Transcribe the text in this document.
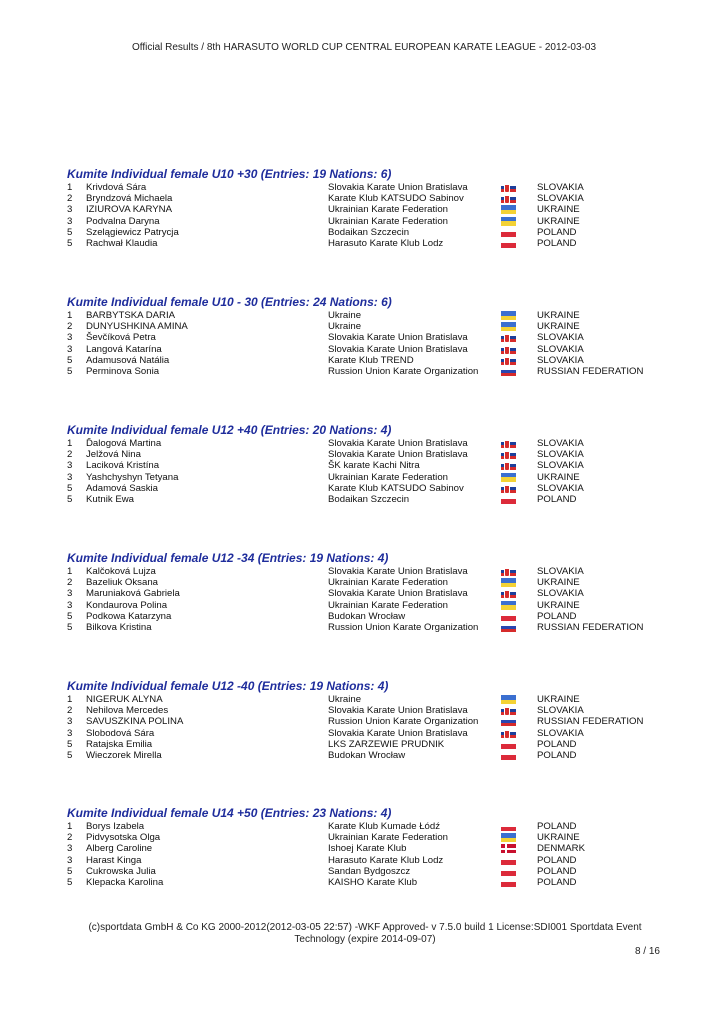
Official Results / 8th HARASUTO WORLD CUP CENTRAL EUROPEAN KARATE LEAGUE - 2012-03-03
Kumite Individual female U10 +30 (Entries: 19 Nations: 6)
1 Krivdová Sára	Slovakia Karate Union Bratislava	SLOVAKIA
2 Bryndzová Michaela	Karate Klub KATSUDO Sabinov	SLOVAKIA
3 IZIUROVA KARYNA	Ukrainian Karate Federation	UKRAINE
3 Podvalna Daryna	Ukrainian Karate Federation	UKRAINE
5 Szelągiewicz Patrycja	Bodaikan Szczecin	POLAND
5 Rachwał Klaudia	Harasuto Karate Klub Lodz	POLAND
Kumite Individual female U10 - 30 (Entries: 24 Nations: 6)
1 BARBYTSKA DARIA	Ukraine	UKRAINE
2 DUNYUSHKINA AMINA	Ukraine	UKRAINE
3 Ševčíková Petra	Slovakia Karate Union Bratislava	SLOVAKIA
3 Langová Katarína	Slovakia Karate Union Bratislava	SLOVAKIA
5 Adamusová Natália	Karate Klub TREND	SLOVAKIA
5 Perminova Sonia	Russion Union Karate Organization	RUSSIAN FEDERATION
Kumite Individual female U12 +40 (Entries: 20 Nations: 4)
1 Ďalogová Martina	Slovakia Karate Union Bratislava	SLOVAKIA
2 Jelžová Nina	Slovakia Karate Union Bratislava	SLOVAKIA
3 Laciková Kristína	ŠK karate Kachi Nitra	SLOVAKIA
3 Yashchyshyn Tetyana	Ukrainian Karate Federation	UKRAINE
5 Adamová Saskia	Karate Klub KATSUDO Sabinov	SLOVAKIA
5 Kutnik Ewa	Bodaikan Szczecin	POLAND
Kumite Individual female U12 -34 (Entries: 19 Nations: 4)
1 Kalčoková Lujza	Slovakia Karate Union Bratislava	SLOVAKIA
2 Bazeliuk Oksana	Ukrainian Karate Federation	UKRAINE
3 Maruniaková Gabriela	Slovakia Karate Union Bratislava	SLOVAKIA
3 Kondaurova Polina	Ukrainian Karate Federation	UKRAINE
5 Podkowa Katarzyna	Budokan Wrocław	POLAND
5 Bilkova Kristina	Russion Union Karate Organization	RUSSIAN FEDERATION
Kumite Individual female U12 -40 (Entries: 19 Nations: 4)
1 NIGERUK ALYNA	Ukraine	UKRAINE
2 Nehilova Mercedes	Slovakia Karate Union Bratislava	SLOVAKIA
3 SAVUSZKINA POLINA	Russion Union Karate Organization	RUSSIAN FEDERATION
3 Slobodová Sára	Slovakia Karate Union Bratislava	SLOVAKIA
5 Ratajska Emilia	LKS ZARZEWIE PRUDNIK	POLAND
5 Wieczorek Mirella	Budokan Wrocław	POLAND
Kumite Individual female U14 +50 (Entries: 23 Nations: 4)
1 Borys Izabela	Karate Klub Kumade Łódź	POLAND
2 Pidvysotska Olga	Ukrainian Karate Federation	UKRAINE
3 Alberg Caroline	Ishoej Karate Klub	DENMARK
3 Harast Kinga	Harasuto Karate Klub Lodz	POLAND
5 Cukrowska Julia	Sandan Bydgoszcz	POLAND
5 Klepacka Karolina	KAISHO Karate Klub	POLAND
(c)sportdata GmbH & Co KG 2000-2012(2012-03-05 22:57) -WKF Approved- v 7.5.0 build 1 License:SDI001 Sportdata Event Technology (expire 2014-09-07)
8 / 16
